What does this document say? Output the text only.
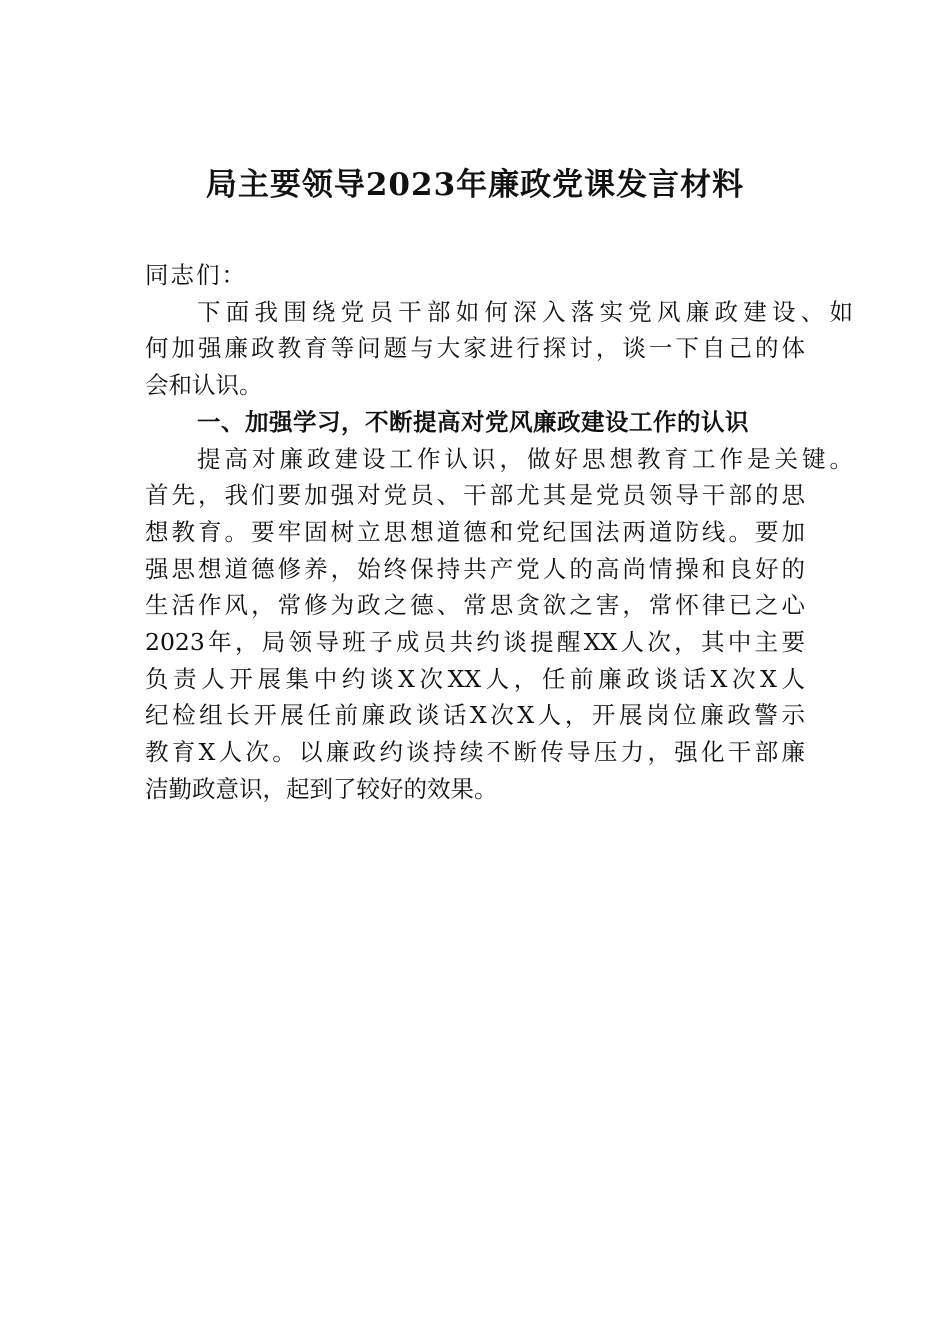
局主要领导2023年廉政党课发言材料

同志们：

下面我围绕党员干部如何深入落实党风廉政建设、如
何加强廉政教育等问题与大家进行探讨，谈一下自己的体
会和认识。

一、加强学习，不断提高对党风廉政建设工作的认识

提高对廉政建设工作认识，做好思想教育工作是关键。
首先，我们要加强对党员、干部尤其是党员领导干部的思
想教育。要牢固树立思想道德和党纪国法两道防线。要加
强思想道德修养，始终保持共产党人的高尚情操和良好的
生活作风，常修为政之德、常思贪欲之害，常怀律已之心
2023年，局领导班子成员共约谈提醒XX人次，其中主要
负责人开展集中约谈X次XX人，任前廉政谈话X次X人
纪检组长开展任前廉政谈话X次X人，开展岗位廉政警示
教育X人次。以廉政约谈持续不断传导压力，强化干部廉
洁勤政意识，起到了较好的效果。
